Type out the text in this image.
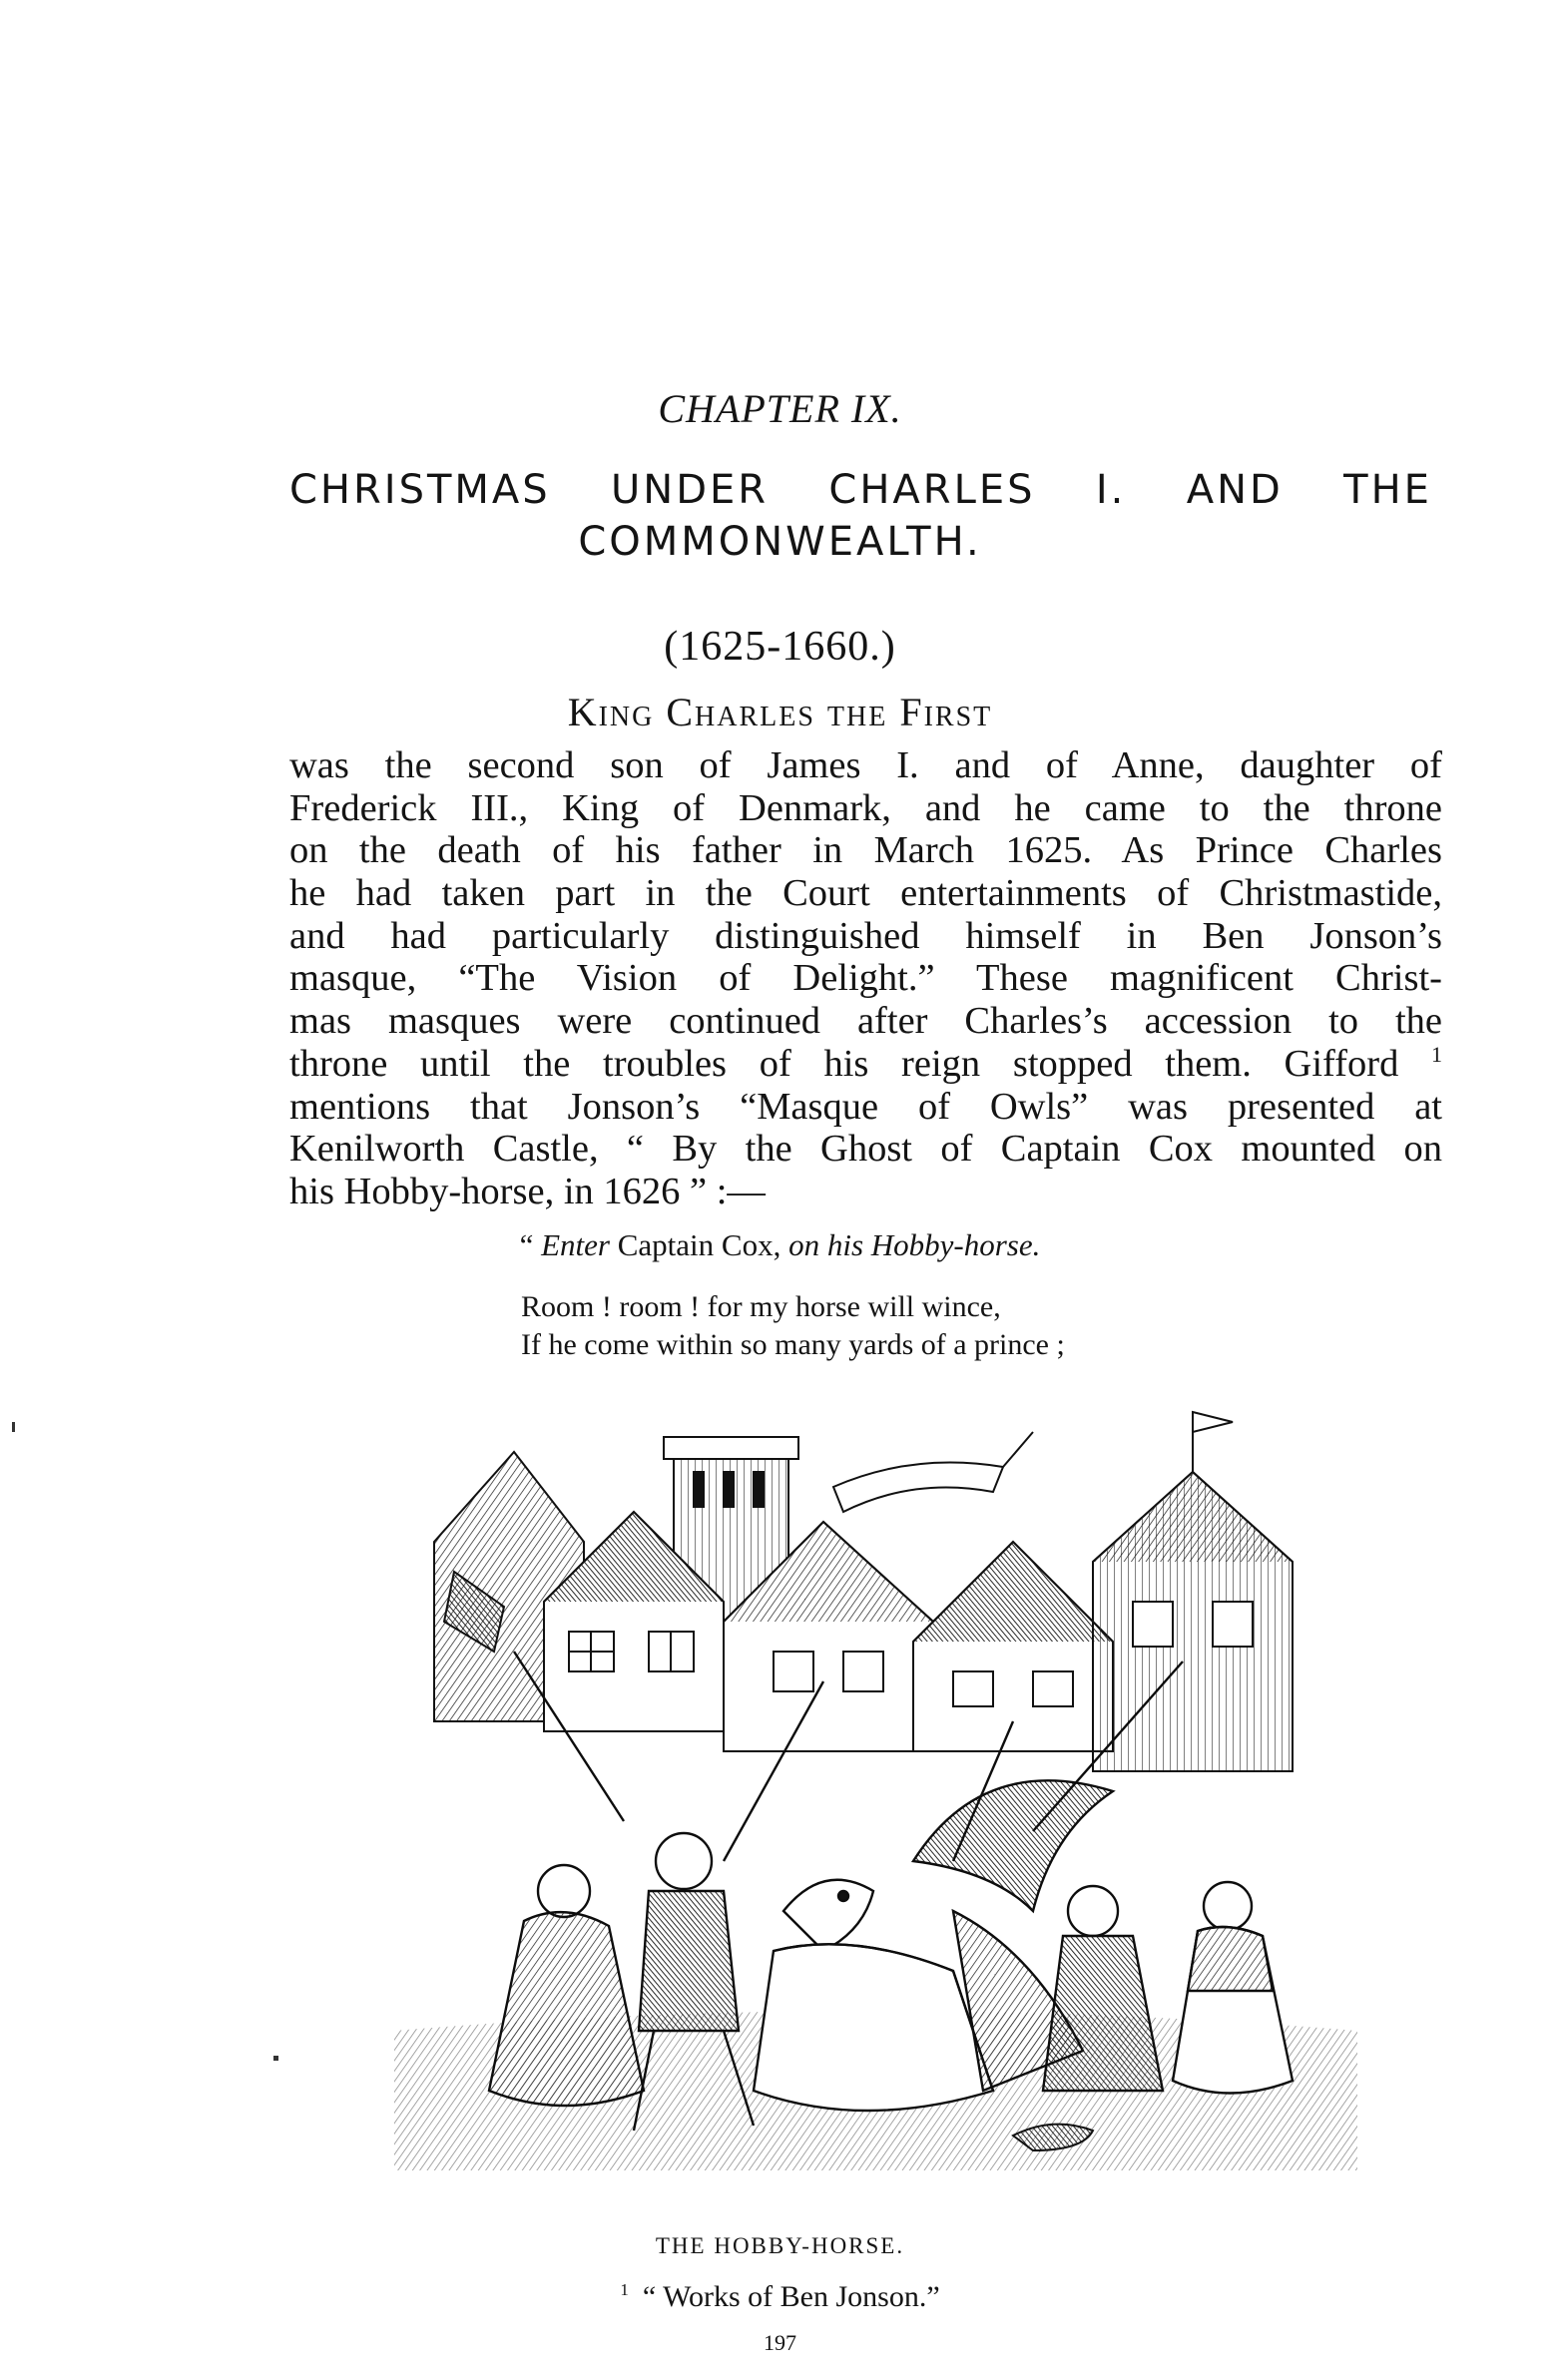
CHAPTER IX.
CHRISTMAS UNDER CHARLES I. AND THE
COMMONWEALTH.
(1625-1660.)
King Charles the First
was the second son of James I. and of Anne, daughter of
Frederick III., King of Denmark, and he came to the throne
on the death of his father in March 1625. As Prince Charles
he had taken part in the Court entertainments of Christmastide,
and had particularly distinguished himself in Ben Jonson’s
masque, “The Vision of Delight.” These magnificent Christ-
mas masques were continued after Charles’s accession to the
throne until the troubles of his reign stopped them. Gifford $^1$
mentions that Jonson’s “Masque of Owls” was presented at
Kenilworth Castle, “ By the Ghost of Captain Cox mounted on
his Hobby-horse, in 1626 ” :—
“ Enter Captain Cox, on his Hobby-horse.
Room ! room ! for my horse will wince,
If he come within so many yards of a prince ;
THE HOBBY-HORSE.
$^1$ “ Works of Ben Jonson.”
197
